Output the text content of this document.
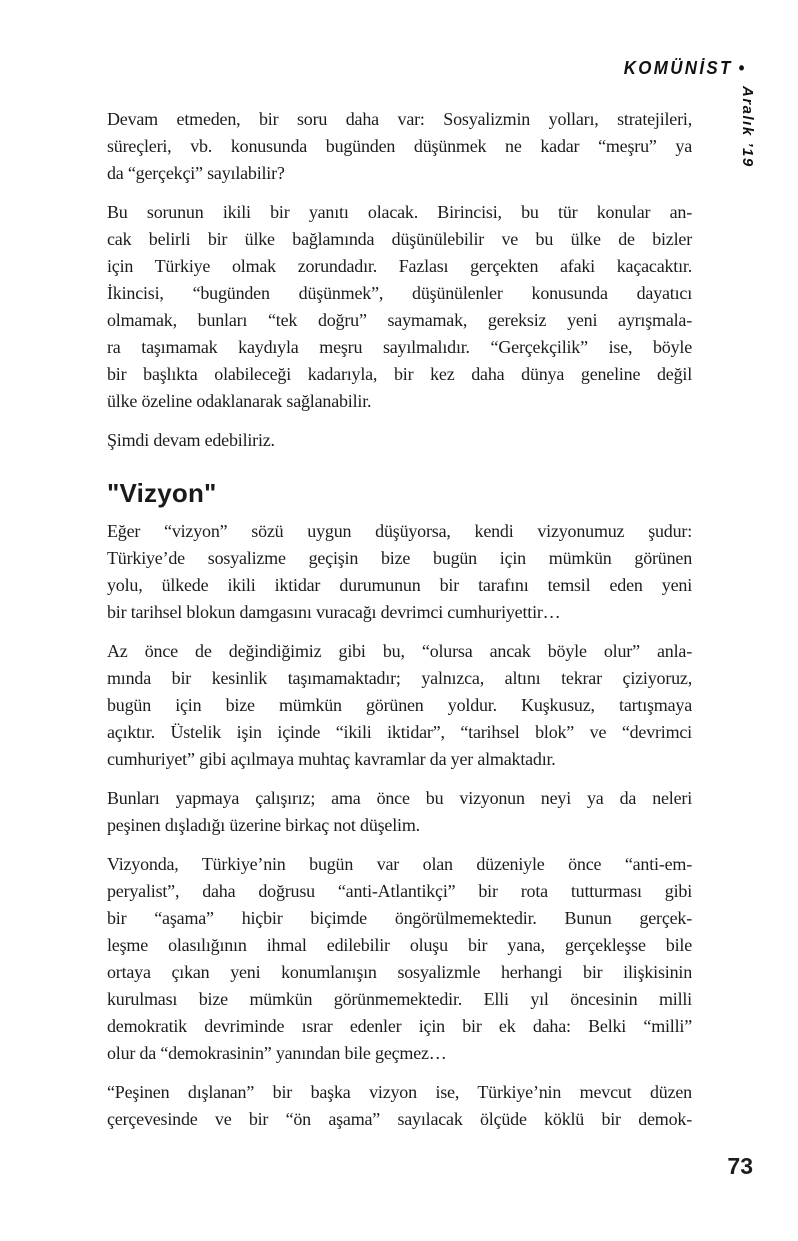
KOMÜNİST •
Aralık ’19
Devam etmeden, bir soru daha var: Sosyalizmin yolları, stratejileri,
süreçleri, vb. konusunda bugünden düşünmek ne kadar “meşru” ya
da “gerçekçi” sayılabilir?
Bu sorunun ikili bir yanıtı olacak. Birincisi, bu tür konular an-
cak belirli bir ülke bağlamında düşünülebilir ve bu ülke de bizler
için Türkiye olmak zorundadır. Fazlası gerçekten afaki kaçacaktır.
İkincisi, “bugünden düşünmek”, düşünülenler konusunda dayatıcı
olmamak, bunları “tek doğru” saymamak, gereksiz yeni ayrışmala-
ra taşımamak kaydıyla meşru sayılmalıdır. “Gerçekçilik” ise, böyle
bir başlıkta olabileceği kadarıyla, bir kez daha dünya geneline değil
ülke özeline odaklanarak sağlanabilir.
Şimdi devam edebiliriz.
"Vizyon"
Eğer “vizyon” sözü uygun düşüyorsa, kendi vizyonumuz şudur:
Türkiye’de sosyalizme geçişin bize bugün için mümkün görünen
yolu, ülkede ikili iktidar durumunun bir tarafını temsil eden yeni
bir tarihsel blokun damgasını vuracağı devrimci cumhuriyettir…
Az önce de değindiğimiz gibi bu, “olursa ancak böyle olur” anla-
mında bir kesinlik taşımamaktadır; yalnızca, altını tekrar çiziyoruz,
bugün için bize mümkün görünen yoldur. Kuşkusuz, tartışmaya
açıktır. Üstelik işin içinde “ikili iktidar”, “tarihsel blok” ve “devrimci
cumhuriyet” gibi açılmaya muhtaç kavramlar da yer almaktadır.
Bunları yapmaya çalışırız; ama önce bu vizyonun neyi ya da neleri
peşinen dışladığı üzerine birkaç not düşelim.
Vizyonda, Türkiye’nin bugün var olan düzeniyle önce “anti-em-
peryalist”, daha doğrusu “anti-Atlantikçi” bir rota tutturması gibi
bir “aşama” hiçbir biçimde öngörülmemektedir. Bunun gerçek-
leşme olasılığının ihmal edilebilir oluşu bir yana, gerçekleşse bile
ortaya çıkan yeni konumlanışın sosyalizmle herhangi bir ilişkisinin
kurulması bize mümkün görünmemektedir. Elli yıl öncesinin milli
demokratik devriminde ısrar edenler için bir ek daha: Belki “milli”
olur da “demokrasinin” yanından bile geçmez…
“Peşinen dışlanan” bir başka vizyon ise, Türkiye’nin mevcut düzen
çerçevesinde ve bir “ön aşama” sayılacak ölçüde köklü bir demok-
73
